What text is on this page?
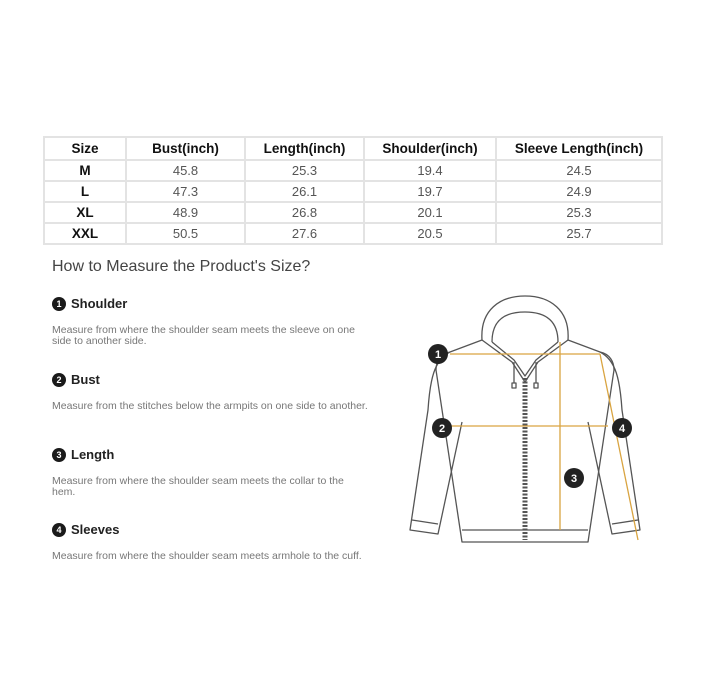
Size	Bust(inch)	Length(inch)	Shoulder(inch)	Sleeve Length(inch)
M	45.8	25.3	19.4	24.5
L	47.3	26.1	19.7	24.9
XL	48.9	26.8	20.1	25.3
XXL	50.5	27.6	20.5	25.7
How to Measure the Product's Size?
1 Shoulder
Measure from where the shoulder seam meets the sleeve on one side to another side.
2 Bust
Measure from the stitches below the armpits on one side to another.
3 Length
Measure from where the shoulder seam meets the collar to the hem.
4 Sleeves
Measure from where the shoulder seam meets armhole to the cuff.
1
2
3
4
